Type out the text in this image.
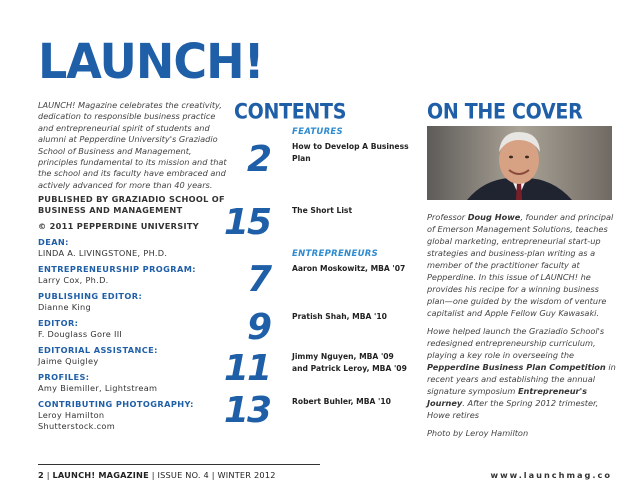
LAUNCH!
LAUNCH! Magazine celebrates the creativity, dedication to responsible business practice and entrepreneurial spirit of students and alumni at Pepperdine University's Graziadio School of Business and Management, principles fundamental to its mission and that the school and its faculty have embraced and actively advanced for more than 40 years.
PUBLISHED BY GRAZIADIO SCHOOL OF BUSINESS AND MANAGEMENT
© 2011 PEPPERDINE UNIVERSITY
DEAN:
LINDA A. LIVINGSTONE, PH.D.
ENTREPRENEURSHIP PROGRAM:
Larry Cox, Ph.D.
PUBLISHING EDITOR:
Dianne King
EDITOR:
F. Douglass Gore III
EDITORIAL ASSISTANCE:
Jaime Quigley
PROFILES:
Amy Biemiller, Lightstream
CONTRIBUTING PHOTOGRAPHY:
Leroy Hamilton
Shutterstock.com
CONTENTS
FEATURES
ENTREPRENEURS
2	How to Develop A Business Plan
15	The Short List
7	Aaron Moskowitz, MBA '07
9	Pratish Shah, MBA '10
11	Jimmy Nguyen, MBA '09 and Patrick Leroy, MBA '09
13	Robert Buhler, MBA '10
ON THE COVER

Professor Doug Howe, founder and principal of Emerson Management Solutions, teaches global marketing, entrepreneurial start-up strategies and business-plan writing as a member of the practitioner faculty at Pepperdine. In this issue of LAUNCH! he provides his recipe for a winning business plan—one guided by the wisdom of venture capitalist and Apple Fellow Guy Kawasaki.

Howe helped launch the Graziadio School's redesigned entrepreneurship curriculum, playing a key role in overseeing the Pepperdine Business Plan Competition in recent years and establishing the annual signature symposium Entrepreneur's Journey. After the Spring 2012 trimester, Howe retires

Photo by Leroy Hamilton

2 | LAUNCH! MAGAZINE | ISSUE NO. 4 | WINTER 2012	www.launchmag.co
